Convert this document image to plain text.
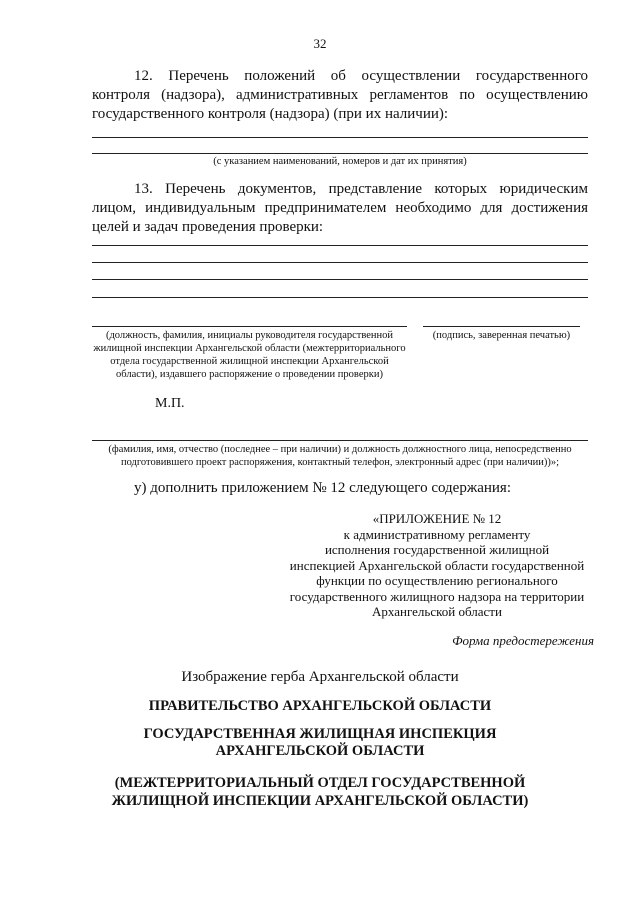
32
12. Перечень положений об осуществлении государственного контроля (надзора), административных регламентов по осуществлению государственного контроля (надзора) (при их наличии):
(с указанием наименований, номеров и дат их принятия)
13. Перечень документов, представление которых юридическим лицом, индивидуальным предпринимателем необходимо для достижения целей и задач проведения проверки:
(должность, фамилия, инициалы руководителя государственной жилищной инспекции Архангельской области (межтерриториального отдела государственной жилищной инспекции Архангельской области), издавшего распоряжение о проведении проверки)
(подпись, заверенная печатью)
М.П.
(фамилия, имя, отчество (последнее – при наличии) и должность должностного лица, непосредственно подготовившего проект распоряжения, контактный телефон, электронный адрес (при наличии))»;
у) дополнить приложением № 12 следующего содержания:
«ПРИЛОЖЕНИЕ № 12
к административному регламенту
исполнения государственной жилищной
инспекцией Архангельской области государственной
функции по осуществлению регионального
государственного жилищного надзора на территории
Архангельской области
Форма предостережения
Изображение герба Архангельской области
ПРАВИТЕЛЬСТВО АРХАНГЕЛЬСКОЙ ОБЛАСТИ
ГОСУДАРСТВЕННАЯ ЖИЛИЩНАЯ ИНСПЕКЦИЯ
АРХАНГЕЛЬСКОЙ ОБЛАСТИ
(МЕЖТЕРРИТОРИАЛЬНЫЙ ОТДЕЛ ГОСУДАРСТВЕННОЙ
ЖИЛИЩНОЙ ИНСПЕКЦИИ АРХАНГЕЛЬСКОЙ ОБЛАСТИ)
